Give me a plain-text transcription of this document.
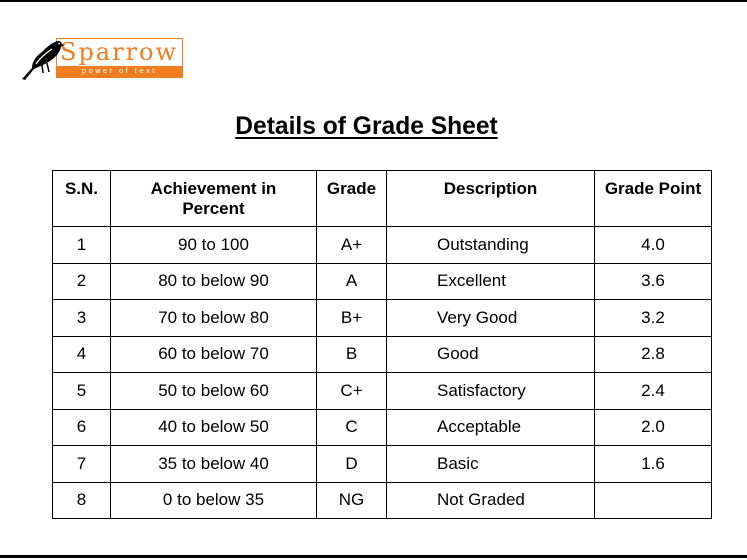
Sparrow
power of text
Details of Grade Sheet
S.N.	Achievement in Percent	Grade	Description	Grade Point
1	90 to 100	A+	Outstanding	4.0
2	80 to below 90	A	Excellent	3.6
3	70 to below 80	B+	Very Good	3.2
4	60 to below 70	B	Good	2.8
5	50 to below 60	C+	Satisfactory	2.4
6	40 to below 50	C	Acceptable	2.0
7	35 to below 40	D	Basic	1.6
8	0 to below 35	NG	Not Graded	
